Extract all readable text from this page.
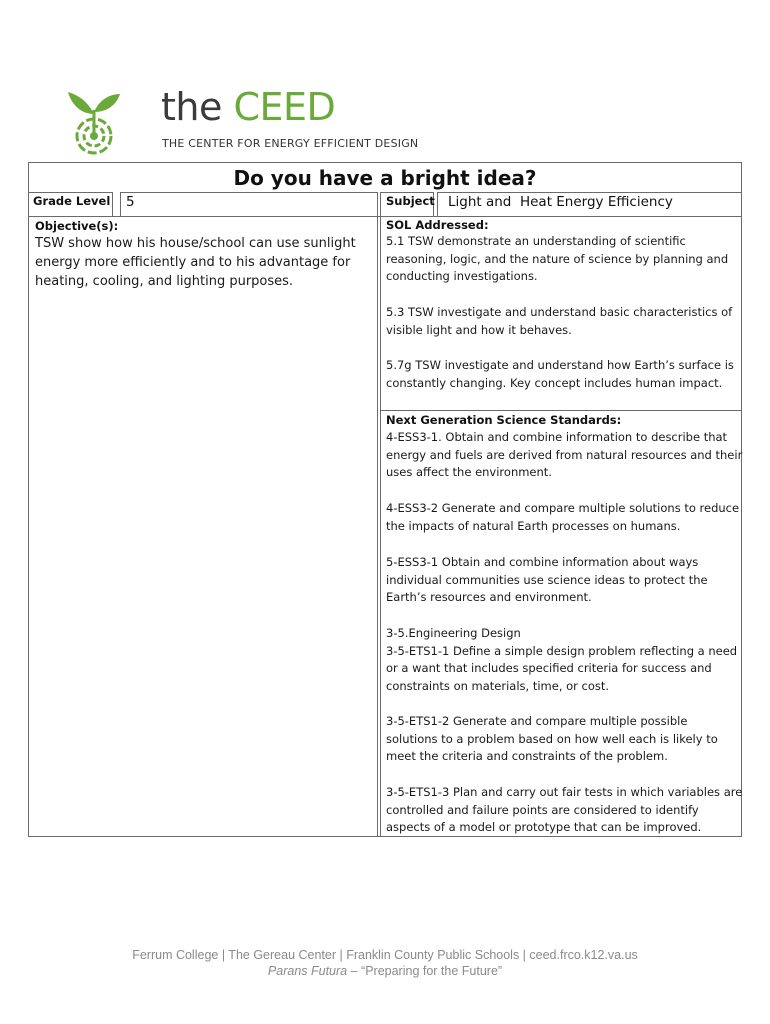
the CEED
THE CENTER FOR ENERGY EFFICIENT DESIGN
Do you have a bright idea?
Grade Level 5	Subject Light and  Heat Energy Efficiency
Objective(s):
TSW show how his house/school can use sunlight
energy more efficiently and to his advantage for
heating, cooling, and lighting purposes.
SOL Addressed:
5.1 TSW demonstrate an understanding of scientific
reasoning, logic, and the nature of science by planning and
conducting investigations.
5.3 TSW investigate and understand basic characteristics of
visible light and how it behaves.
5.7g TSW investigate and understand how Earth’s surface is
constantly changing. Key concept includes human impact.
Next Generation Science Standards:
4-ESS3-1. Obtain and combine information to describe that
energy and fuels are derived from natural resources and their
uses affect the environment.
4-ESS3-2 Generate and compare multiple solutions to reduce
the impacts of natural Earth processes on humans.
5-ESS3-1 Obtain and combine information about ways
individual communities use science ideas to protect the
Earth’s resources and environment.
3-5.Engineering Design
3-5-ETS1-1 Define a simple design problem reflecting a need
or a want that includes specified criteria for success and
constraints on materials, time, or cost.
3-5-ETS1-2 Generate and compare multiple possible
solutions to a problem based on how well each is likely to
meet the criteria and constraints of the problem.
3-5-ETS1-3 Plan and carry out fair tests in which variables are
controlled and failure points are considered to identify
aspects of a model or prototype that can be improved.
Ferrum College | The Gereau Center | Franklin County Public Schools | ceed.frco.k12.va.us
Parans Futura – “Preparing for the Future”
